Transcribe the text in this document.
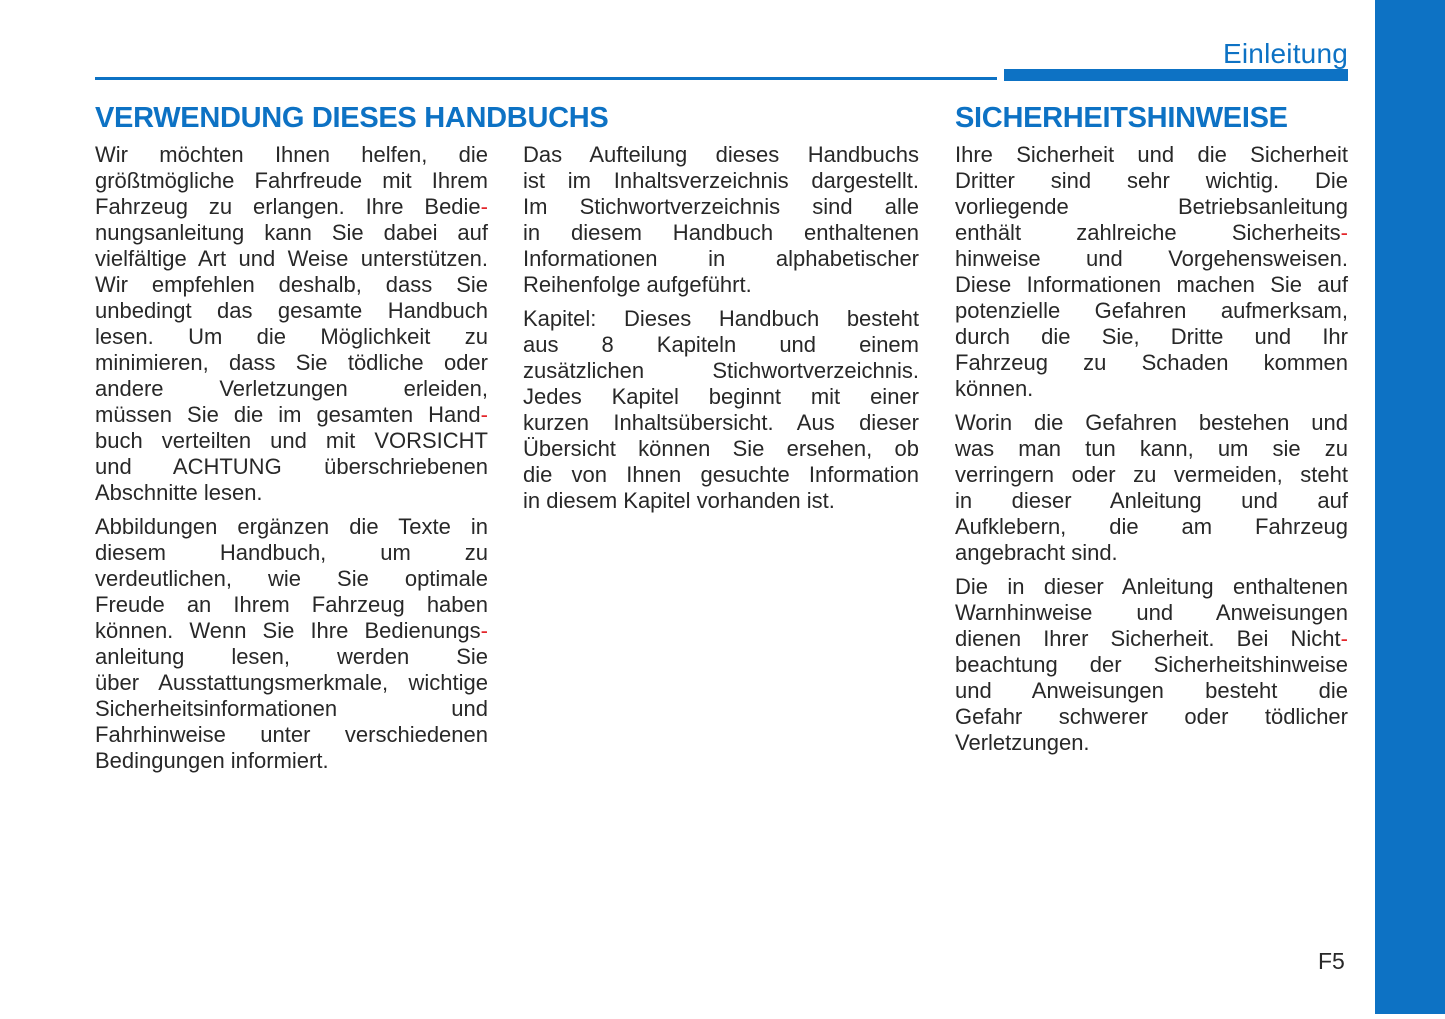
Einleitung
VERWENDUNG DIESES HANDBUCHS	SICHERHEITSHINWEISE
Wir möchten Ihnen helfen, die
größtmögliche Fahrfreude mit Ihrem
Fahrzeug zu erlangen. Ihre Bedie-
nungsanleitung kann Sie dabei auf
vielfältige Art und Weise unterstützen.
Wir empfehlen deshalb, dass Sie
unbedingt das gesamte Handbuch
lesen. Um die Möglichkeit zu
minimieren, dass Sie tödliche oder
andere Verletzungen erleiden,
müssen Sie die im gesamten Hand-
buch verteilten und mit VORSICHT
und ACHTUNG überschriebenen
Abschnitte lesen.
Abbildungen ergänzen die Texte in
diesem Handbuch, um zu
verdeutlichen, wie Sie optimale
Freude an Ihrem Fahrzeug haben
können. Wenn Sie Ihre Bedienungs-
anleitung lesen, werden Sie
über Ausstattungsmerkmale, wichtige
Sicherheitsinformationen und
Fahrhinweise unter verschiedenen
Bedingungen informiert.
Das Aufteilung dieses Handbuchs
ist im Inhaltsverzeichnis dargestellt.
Im Stichwortverzeichnis sind alle
in diesem Handbuch enthaltenen
Informationen in alphabetischer
Reihenfolge aufgeführt.
Kapitel: Dieses Handbuch besteht
aus 8 Kapiteln und einem
zusätzlichen Stichwortverzeichnis.
Jedes Kapitel beginnt mit einer
kurzen Inhaltsübersicht. Aus dieser
Übersicht können Sie ersehen, ob
die von Ihnen gesuchte Information
in diesem Kapitel vorhanden ist.
Ihre Sicherheit und die Sicherheit
Dritter sind sehr wichtig. Die
vorliegende Betriebsanleitung
enthält zahlreiche Sicherheits-
hinweise und Vorgehensweisen.
Diese Informationen machen Sie auf
potenzielle Gefahren aufmerksam,
durch die Sie, Dritte und Ihr
Fahrzeug zu Schaden kommen
können.
Worin die Gefahren bestehen und
was man tun kann, um sie zu
verringern oder zu vermeiden, steht
in dieser Anleitung und auf
Aufklebern, die am Fahrzeug
angebracht sind.
Die in dieser Anleitung enthaltenen
Warnhinweise und Anweisungen
dienen Ihrer Sicherheit. Bei Nicht-
beachtung der Sicherheitshinweise
und Anweisungen besteht die
Gefahr schwerer oder tödlicher
Verletzungen.
F5
